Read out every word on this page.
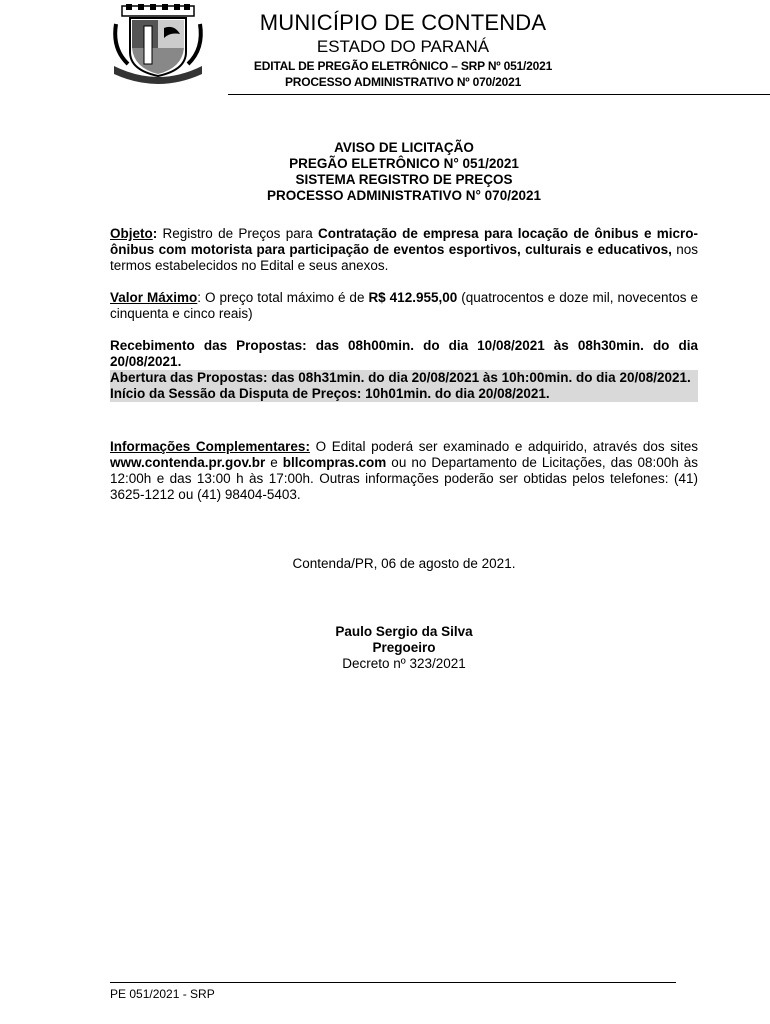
MUNICÍPIO DE CONTENDA
ESTADO DO PARANÁ
EDITAL DE PREGÃO ELETRÔNICO – SRP Nº 051/2021
PROCESSO ADMINISTRATIVO Nº 070/2021
AVISO DE LICITAÇÃO
PREGÃO ELETRÔNICO N° 051/2021
SISTEMA REGISTRO DE PREÇOS
PROCESSO ADMINISTRATIVO N° 070/2021
Objeto: Registro de Preços para Contratação de empresa para locação de ônibus e micro-ônibus com motorista para participação de eventos esportivos, culturais e educativos, nos termos estabelecidos no Edital e seus anexos.
Valor Máximo: O preço total máximo é de R$ 412.955,00 (quatrocentos e doze mil, novecentos e cinquenta e cinco reais)
Recebimento das Propostas: das 08h00min. do dia 10/08/2021 às 08h30min. do dia 20/08/2021.
Abertura das Propostas: das 08h31min. do dia 20/08/2021 às 10h:00min. do dia 20/08/2021.
Início da Sessão da Disputa de Preços: 10h01min. do dia 20/08/2021.
Informações Complementares: O Edital poderá ser examinado e adquirido, através dos sites www.contenda.pr.gov.br e bllcompras.com ou no Departamento de Licitações, das 08:00h às 12:00h e das 13:00 h às 17:00h. Outras informações poderão ser obtidas pelos telefones: (41) 3625-1212 ou (41) 98404-5403.
Contenda/PR, 06 de agosto de 2021.
Paulo Sergio da Silva
Pregoeiro
Decreto nº 323/2021
PE 051/2021 - SRP
